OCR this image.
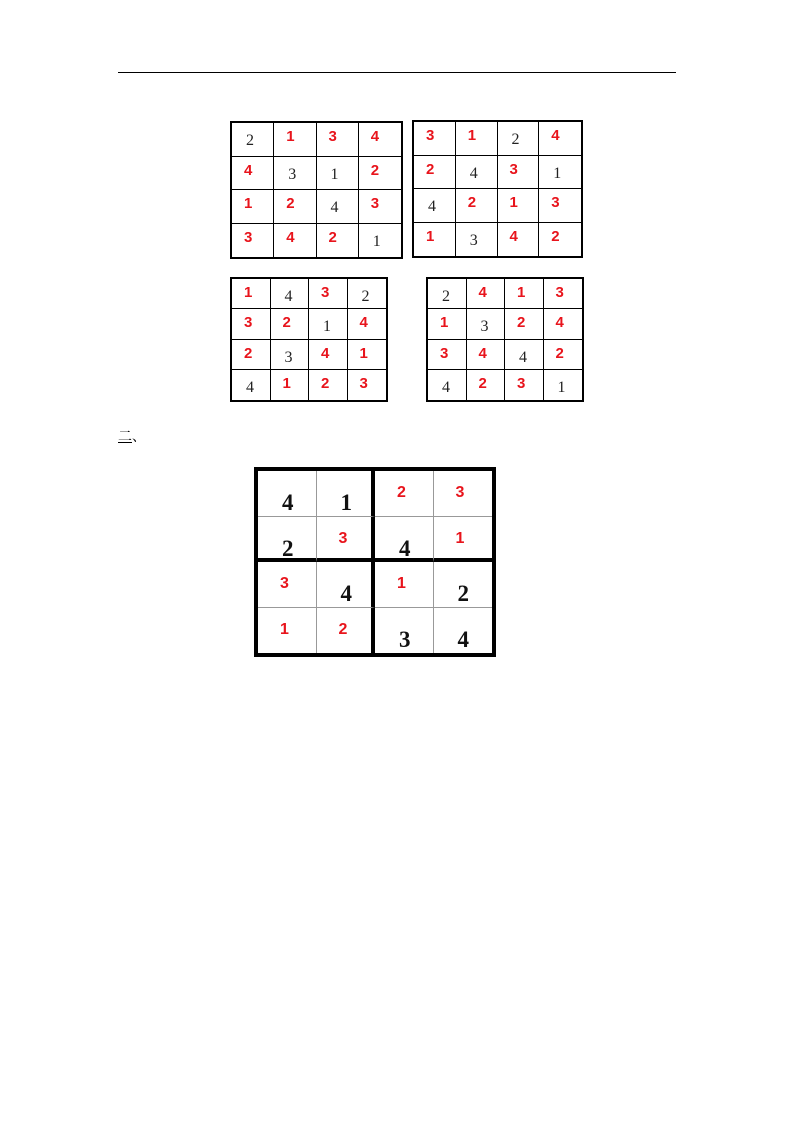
2 1 3 4
4 3 1 2
1 2 4 3
3 4 2 1
3 1 2 4
2 4 3 1
4 2 1 3
1 3 4 2
1 4 3 2
3 2 1 4
2 3 4 1
4 1 2 3
2 4 1 3
1 3 2 4
3 4 4 2
4 2 3 1
二、
4 1	2	3
2	3 4	1
3 4	1 2
1	2 3 4
